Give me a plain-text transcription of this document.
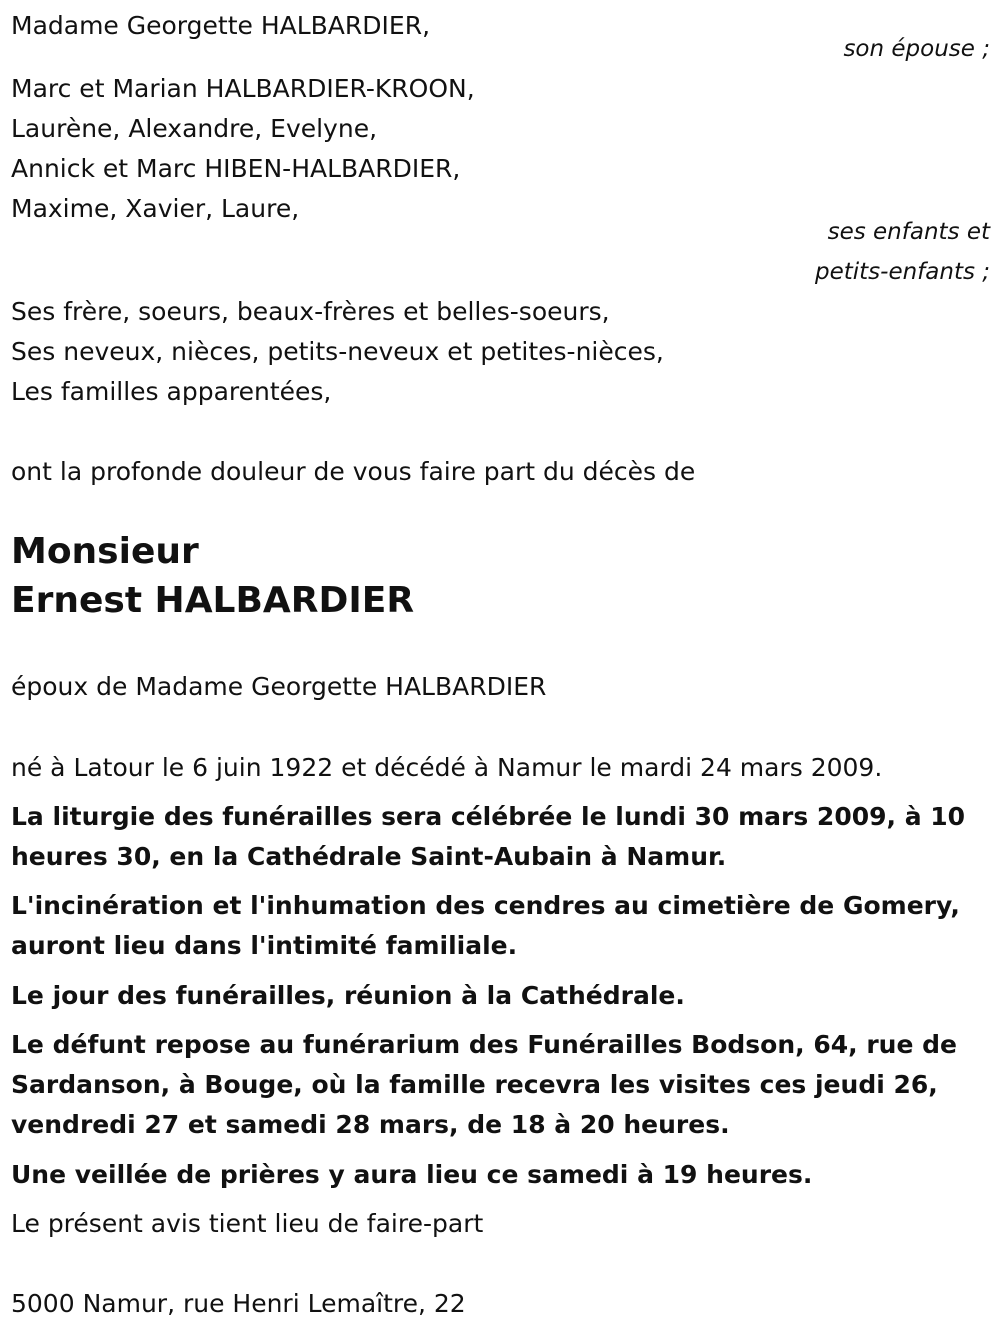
Madame Georgette HALBARDIER,
son épouse ;
Marc et Marian HALBARDIER-KROON,
Laurène, Alexandre, Evelyne,
Annick et Marc HIBEN-HALBARDIER,
Maxime, Xavier, Laure,
ses enfants et
petits-enfants ;
Ses frère, soeurs, beaux-frères et belles-soeurs,
Ses neveux, nièces, petits-neveux et petites-nièces,
Les familles apparentées,
ont la profonde douleur de vous faire part du décès de
Monsieur
Ernest HALBARDIER
époux de Madame Georgette HALBARDIER
né à Latour le 6 juin 1922 et décédé à Namur le mardi 24 mars 2009.
La liturgie des funérailles sera célébrée le lundi 30 mars 2009, à 10 heures 30, en la Cathédrale Saint-Aubain à Namur.
L'incinération et l'inhumation des cendres au cimetière de Gomery, auront lieu dans l'intimité familiale.
Le jour des funérailles, réunion à la Cathédrale.
Le défunt repose au funérarium des Funérailles Bodson, 64, rue de Sardanson, à Bouge, où la famille recevra les visites ces jeudi 26, vendredi 27 et samedi 28 mars, de 18 à 20 heures.
Une veillée de prières y aura lieu ce samedi à 19 heures.
Le présent avis tient lieu de faire-part
5000 Namur, rue Henri Lemaître, 22
